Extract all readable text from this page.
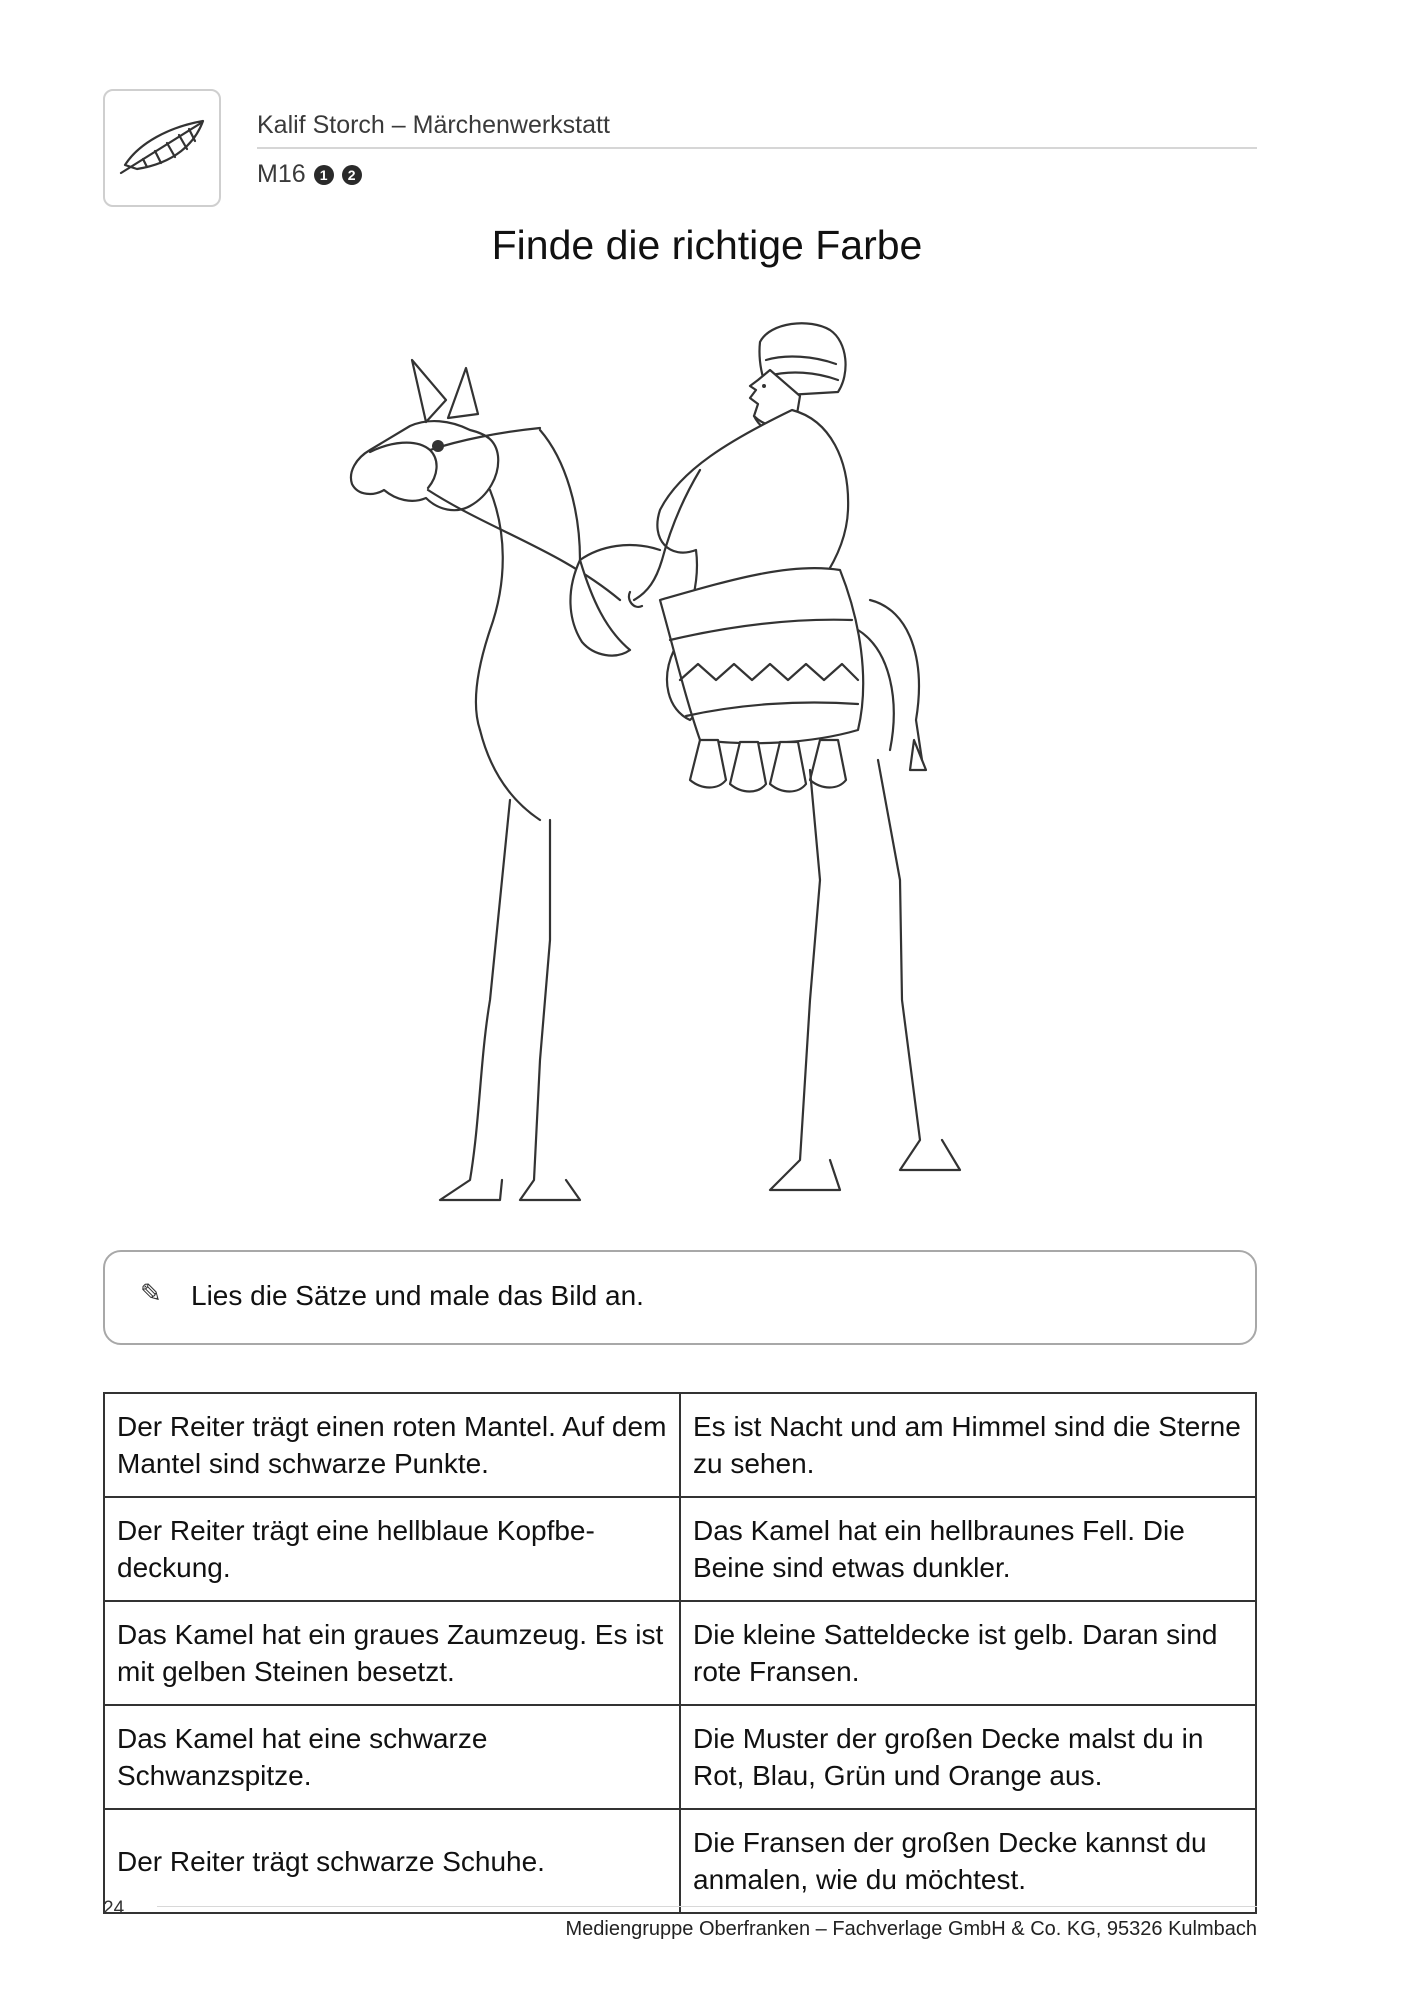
Kalif Storch – Märchenwerkstatt
M16	1	2
Finde die richtige Farbe
✎ Lies die Sätze und male das Bild an.
Der Reiter trägt einen roten Mantel. Auf dem Mantel sind schwarze Punkte.	Es ist Nacht und am Himmel sind die Sterne zu sehen.
Der Reiter trägt eine hellblaue Kopfbe-deckung.	Das Kamel hat ein hellbraunes Fell. Die Beine sind etwas dunkler.
Das Kamel hat ein graues Zaumzeug. Es ist mit gelben Steinen besetzt.	Die kleine Satteldecke ist gelb. Daran sind rote Fransen.
Das Kamel hat eine schwarze Schwanzspitze.	Die Muster der großen Decke malst du in Rot, Blau, Grün und Orange aus.
Der Reiter trägt schwarze Schuhe.	Die Fransen der großen Decke kannst du anmalen, wie du möchtest.
24
Mediengruppe Oberfranken – Fachverlage GmbH & Co. KG, 95326 Kulmbach
